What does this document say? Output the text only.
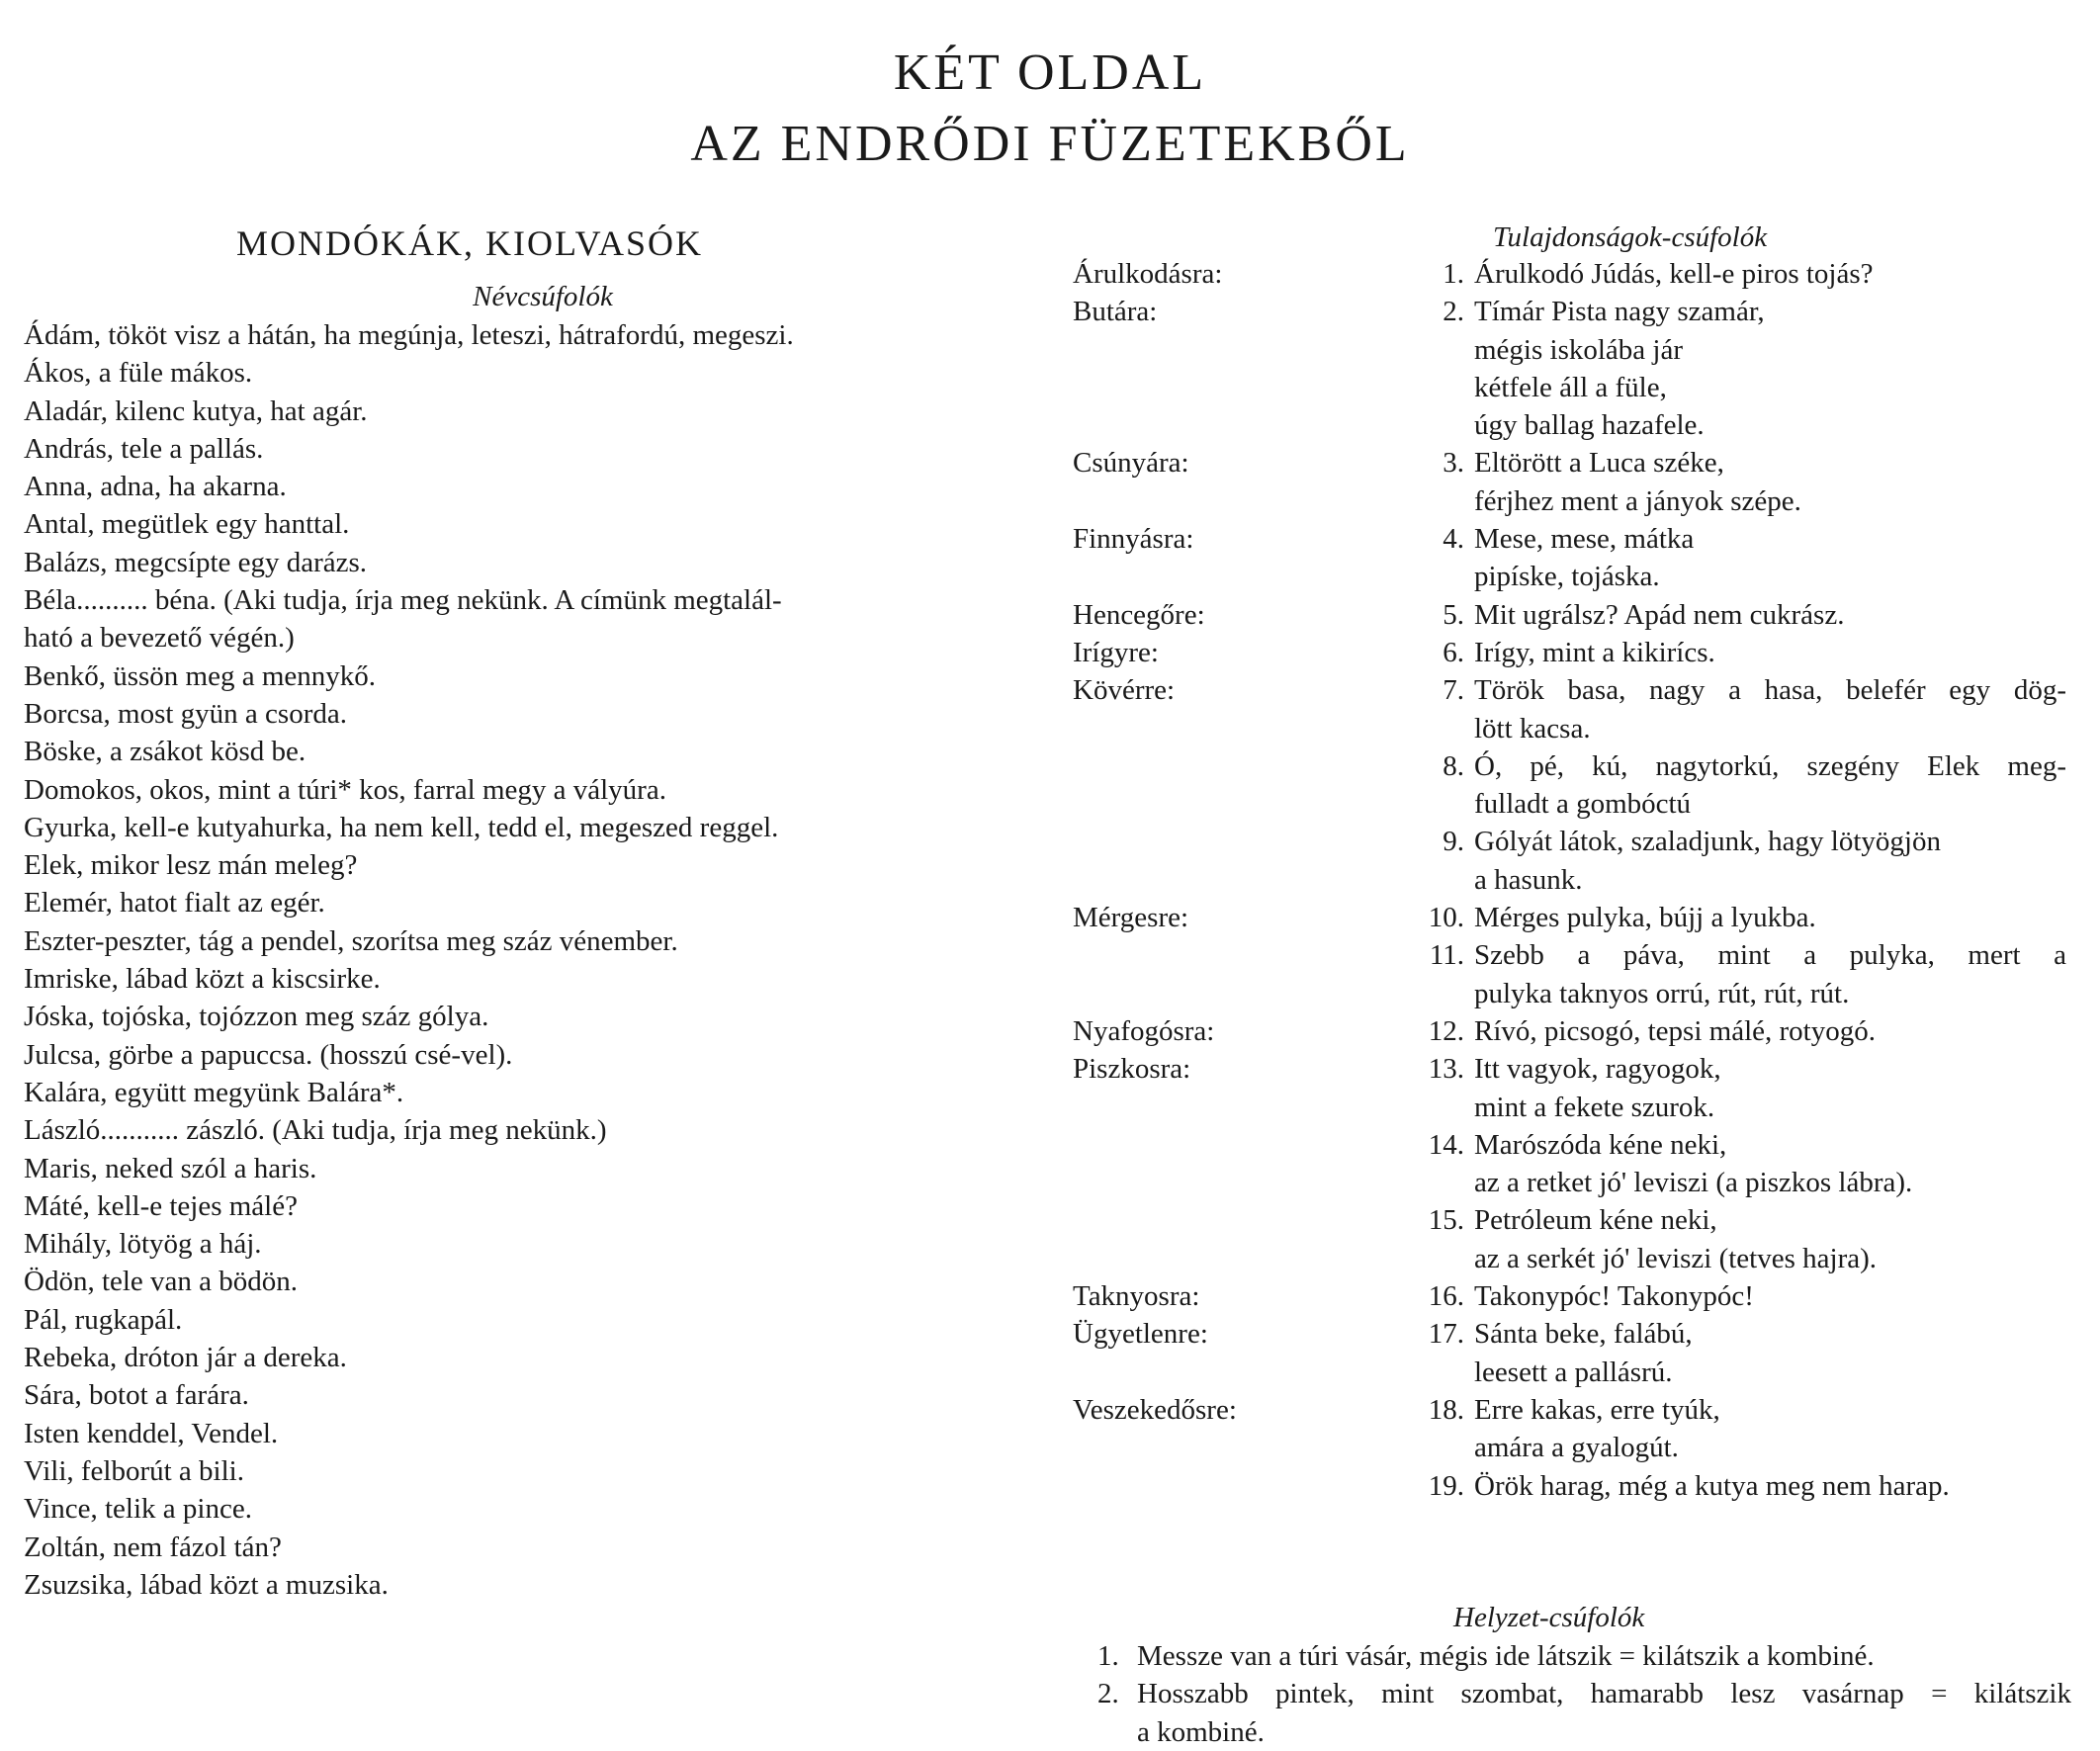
KÉT OLDAL
AZ ENDRŐDI FÜZETEKBŐL
MONDÓKÁK, KIOLVASÓK
Névcsúfolók
Ádám, tököt visz a hátán, ha megúnja, leteszi, hátrafordú, megeszi.
Ákos, a füle mákos.
Aladár, kilenc kutya, hat agár.
András, tele a pallás.
Anna, adna, ha akarna.
Antal, megütlek egy hanttal.
Balázs, megcsípte egy darázs.
Béla.......... béna. (Aki tudja, írja meg nekünk. A címünk megtalál-
ható a bevezető végén.)
Benkő, üssön meg a mennykő.
Borcsa, most gyün a csorda.
Böske, a zsákot kösd be.
Domokos, okos, mint a túri* kos, farral megy a vályúra.
Gyurka, kell-e kutyahurka, ha nem kell, tedd el, megeszed reggel.
Elek, mikor lesz mán meleg?
Elemér, hatot fialt az egér.
Eszter-peszter, tág a pendel, szorítsa meg száz vénember.
Imriske, lábad közt a kiscsirke.
Jóska, tojóska, tojózzon meg száz gólya.
Julcsa, görbe a papuccsa. (hosszú csé-vel).
Kalára, együtt megyünk Balára*.
László........... zászló. (Aki tudja, írja meg nekünk.)
Maris, neked szól a haris.
Máté, kell-e tejes málé?
Mihály, lötyög a háj.
Ödön, tele van a bödön.
Pál, rugkapál.
Rebeka, dróton jár a dereka.
Sára, botot a farára.
Isten kenddel, Vendel.
Vili, felborút a bili.
Vince, telik a pince.
Zoltán, nem fázol tán?
Zsuzsika, lábad közt a muzsika.
Tulajdonságok-csúfolók
Árulkodásra:	1. Árulkodó Júdás, kell-e piros tojás?
Butára:	2. Tímár Pista nagy szamár,
mégis iskolába jár
kétfele áll a füle,
úgy ballag hazafele.
Csúnyára:	3. Eltörött a Luca széke,
férjhez ment a jányok szépe.
Finnyásra:	4. Mese, mese, mátka
pipíske, tojáska.
Hencegőre:	5. Mit ugrálsz? Apád nem cukrász.
Irígyre:	6. Irígy, mint a kikirícs.
Kövérre:	7. Török basa, nagy a hasa, belefér egy dög-
lött kacsa.
8. Ó, pé, kú, nagytorkú, szegény Elek meg-
fulladt a gombóctú
9. Gólyát látok, szaladjunk, hagy lötyögjön
a hasunk.
Mérgesre:	10. Mérges pulyka, bújj a lyukba.
11. Szebb a páva, mint a pulyka, mert a
pulyka taknyos orrú, rút, rút, rút.
Nyafogósra:	12. Rívó, picsogó, tepsi málé, rotyogó.
Piszkosra:	13. Itt vagyok, ragyogok,
mint a fekete szurok.
14. Marószóda kéne neki,
az a retket jó' leviszi (a piszkos lábra).
15. Petróleum kéne neki,
az a serkét jó' leviszi (tetves hajra).
Taknyosra:	16. Takonypóc! Takonypóc!
Ügyetlenre:	17. Sánta beke, falábú,
leesett a pallásrú.
Veszekedősre:	18. Erre kakas, erre tyúk,
amára a gyalogút.
19. Örök harag, még a kutya meg nem harap.
Helyzet-csúfolók
1. Messze van a túri vásár, mégis ide látszik = kilátszik a kombiné.
2. Hosszabb pintek, mint szombat, hamarabb lesz vasárnap = kilátszik
a kombiné.
